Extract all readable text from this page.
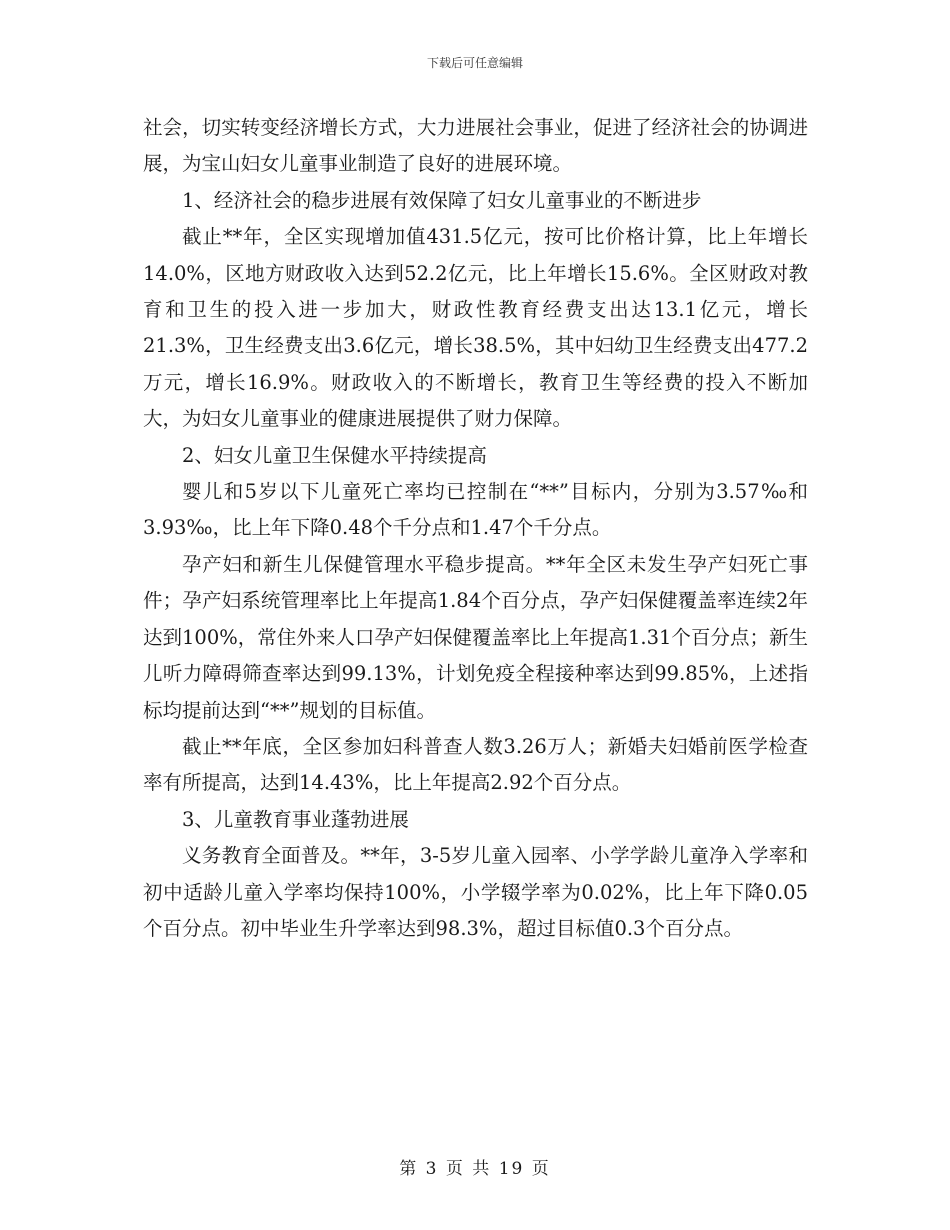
下载后可任意编辑

社会，切实转变经济增长方式，大力进展社会事业，促进了经济社会的协调进展，为宝山妇女儿童事业制造了良好的进展环境。

1、经济社会的稳步进展有效保障了妇女儿童事业的不断进步

截止**年，全区实现增加值431.5亿元，按可比价格计算，比上年增长14.0%，区地方财政收入达到52.2亿元，比上年增长15.6%。全区财政对教育和卫生的投入进一步加大，财政性教育经费支出达13.1亿元，增长21.3%，卫生经费支出3.6亿元，增长38.5%，其中妇幼卫生经费支出477.2万元，增长16.9%。财政收入的不断增长，教育卫生等经费的投入不断加大，为妇女儿童事业的健康进展提供了财力保障。

2、妇女儿童卫生保健水平持续提高

婴儿和5岁以下儿童死亡率均已控制在“**”目标内，分别为3.57‰和3.93‰，比上年下降0.48个千分点和1.47个千分点。

孕产妇和新生儿保健管理水平稳步提高。**年全区未发生孕产妇死亡事件；孕产妇系统管理率比上年提高1.84个百分点，孕产妇保健覆盖率连续2年达到100%，常住外来人口孕产妇保健覆盖率比上年提高1.31个百分点；新生儿听力障碍筛查率达到99.13%，计划免疫全程接种率达到99.85%，上述指标均提前达到“**”规划的目标值。

截止**年底，全区参加妇科普查人数3.26万人；新婚夫妇婚前医学检查率有所提高，达到14.43%，比上年提高2.92个百分点。

3、儿童教育事业蓬勃进展

义务教育全面普及。**年，3-5岁儿童入园率、小学学龄儿童净入学率和初中适龄儿童入学率均保持100%，小学辍学率为0.02%，比上年下降0.05个百分点。初中毕业生升学率达到98.3%，超过目标值0.3个百分点。

第 3 页 共 19 页
